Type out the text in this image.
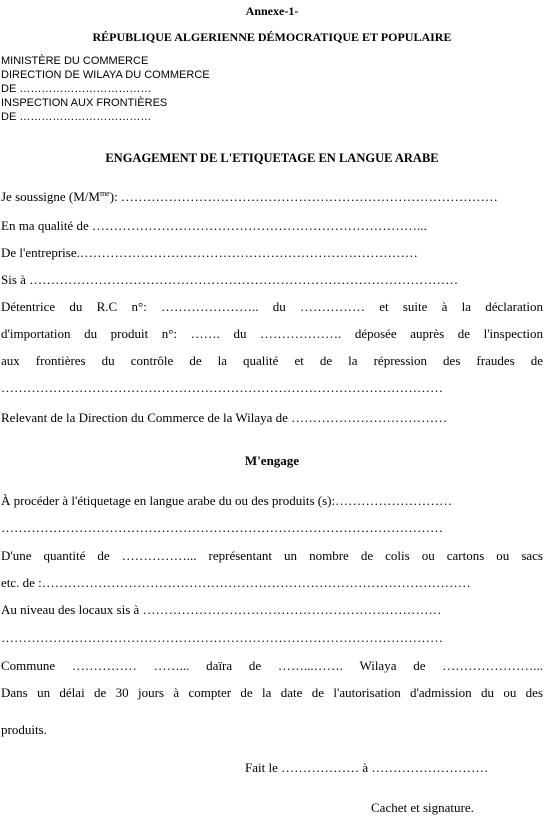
Annexe-1-
RÉPUBLIQUE ALGERIENNE DÉMOCRATIQUE ET POPULAIRE
MINISTÈRE DU COMMERCE
DIRECTION DE WILAYA DU COMMERCE
DE ………………………………
INSPECTION AUX FRONTIÈRES
DE ………………………………
ENGAGEMENT DE L'ETIQUETAGE EN LANGUE ARABE
Je soussigne $(M/M^{me})$: ……………………………………………………………………………
En ma qualité de …………………………………………………………………...
De l'entreprise.……………………………………………………………………
Sis à ………………………………………………………………………………………
Détentrice du R.C n°: ………………….. du …………… et suite à la déclaration
d'importation du produit n°: ……. du ………………. déposée auprès de l'inspection
aux frontières du contrôle de la qualité et de la répression des fraudes de
…………………………………………………………………………………………
Relevant de la Direction du Commerce de la Wilaya de ………………………………
M'engage
À procéder à l'étiquetage en langue arabe du ou des produits (s):………………………
…………………………………………………………………………………………
D'une quantité de ……………... représentant un nombre de colis ou cartons ou sacs
etc. de :………………………………………………………………………………………
Au niveau des locaux sis à ……………………………………………………………
…………………………………………………………………………………………
Commune …………… ……... daïra de ……...……. Wilaya de …………………...
Dans un délai de 30 jours à compter de la date de l'autorisation d'admission du ou des
produits.
Fait le ……………… à ………………………
Cachet et signature.
